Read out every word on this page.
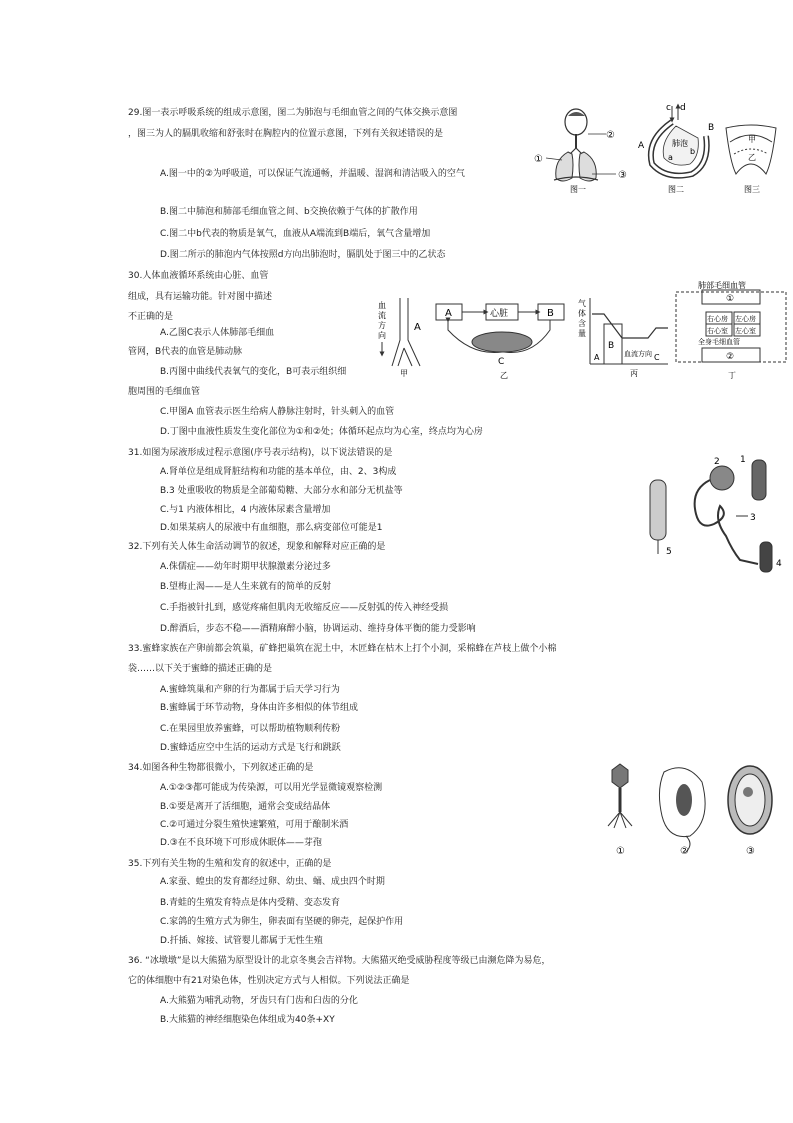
29.图一表示呼吸系统的组成示意图，图二为肺泡与毛细血管之间的气体交换示意图
，图三为人的膈肌收缩和舒张时在胸腔内的位置示意图，下列有关叙述错误的是
A.图一中的②为呼吸道，可以保证气流通畅，并温暖、湿润和清洁吸入的空气
B.图二中肺泡和肺部毛细血管之间、b交换依赖于气体的扩散作用
C.图二中b代表的物质是氧气，血液从A端流到B端后，氧气含量增加
D.图二所示的肺泡内气体按照d方向出肺泡时，膈肌处于图三中的乙状态
②
①
③
图一
c d
A
B
肺泡
a
b
图二
甲
乙
图三
30.人体血液循环系统由心脏、血管
组成，具有运输功能。针对图中描述
不正确的是
A.乙图C表示人体肺部毛细血
管网，B代表的血管是肺动脉
B.丙图中曲线代表氧气的变化，B可表示组织细
胞周围的毛细血管
C.甲图A 血管表示医生给病人静脉注射时，针头刺入的血管
D.丁图中血液性质发生变化部位为①和②处；体循环起点均为心室，终点均为心房
血
流
方
向
A
甲
A	心脏	B
C
乙
气
体
含
量
B
A	C
血流方向
丙
肺部毛细血管
①
右心房 左心房
右心室 左心室
全身毛细血管
②
丁
31.如图为尿液形成过程示意图(序号表示结构)，以下说法错误的是
A.肾单位是组成肾脏结构和功能的基本单位，由、2、3构成
B.3 处重吸收的物质是全部葡萄糖、大部分水和部分无机盐等
C.与1 内液体相比，4 内液体尿素含量增加
D.如果某病人的尿液中有血细胞，那么病变部位可能是1
5
2 1
3
4
32.下列有关人体生命活动调节的叙述，现象和解释对应正确的是
A.侏儒症——幼年时期甲状腺激素分泌过多
B.望梅止渴——是人生来就有的简单的反射
C.手指被针扎到，感觉疼痛但肌肉无收缩反应——反射弧的传入神经受损
D.醉酒后，步态不稳——酒精麻醉小脑，协调运动、维持身体平衡的能力受影响
33.蜜蜂家族在产卵前都会筑巢，矿蜂把巢筑在泥土中，木匠蜂在枯木上打个小洞，采棉蜂在芦枝上做个小棉
袋……以下关于蜜蜂的描述正确的是
A.蜜蜂筑巢和产卵的行为都属于后天学习行为
B.蜜蜂属于环节动物，身体由许多相似的体节组成
C.在果园里放养蜜蜂，可以帮助植物顺利传粉
D.蜜蜂适应空中生活的运动方式是飞行和跳跃
34.如图各种生物都很微小，下列叙述正确的是
A.①②③都可能成为传染源，可以用光学显微镜观察检测
B.①要是离开了活细胞，通常会变成结晶体
C.②可通过分裂生殖快速繁殖，可用于酿制米酒
D.③在不良环境下可形成休眠体——芽孢
①	②	③
35.下列有关生物的生殖和发育的叙述中，正确的是
A.家蚕、蝗虫的发育都经过卵、幼虫、蛹、成虫四个时期
B.青蛙的生殖发育特点是体内受精、变态发育
C.家鸽的生殖方式为卵生，卵表面有坚硬的卵壳，起保护作用
D.扦插、嫁接、试管婴儿都属于无性生殖
36. “冰墩墩”是以大熊猫为原型设计的北京冬奥会吉祥物。大熊猫灭绝受威胁程度等级已由濒危降为易危，
它的体细胞中有21对染色体，性别决定方式与人相似。下列说法正确是
A.大熊猫为哺乳动物，牙齿只有门齿和臼齿的分化
B.大熊猫的神经细胞染色体组成为40条+XY
